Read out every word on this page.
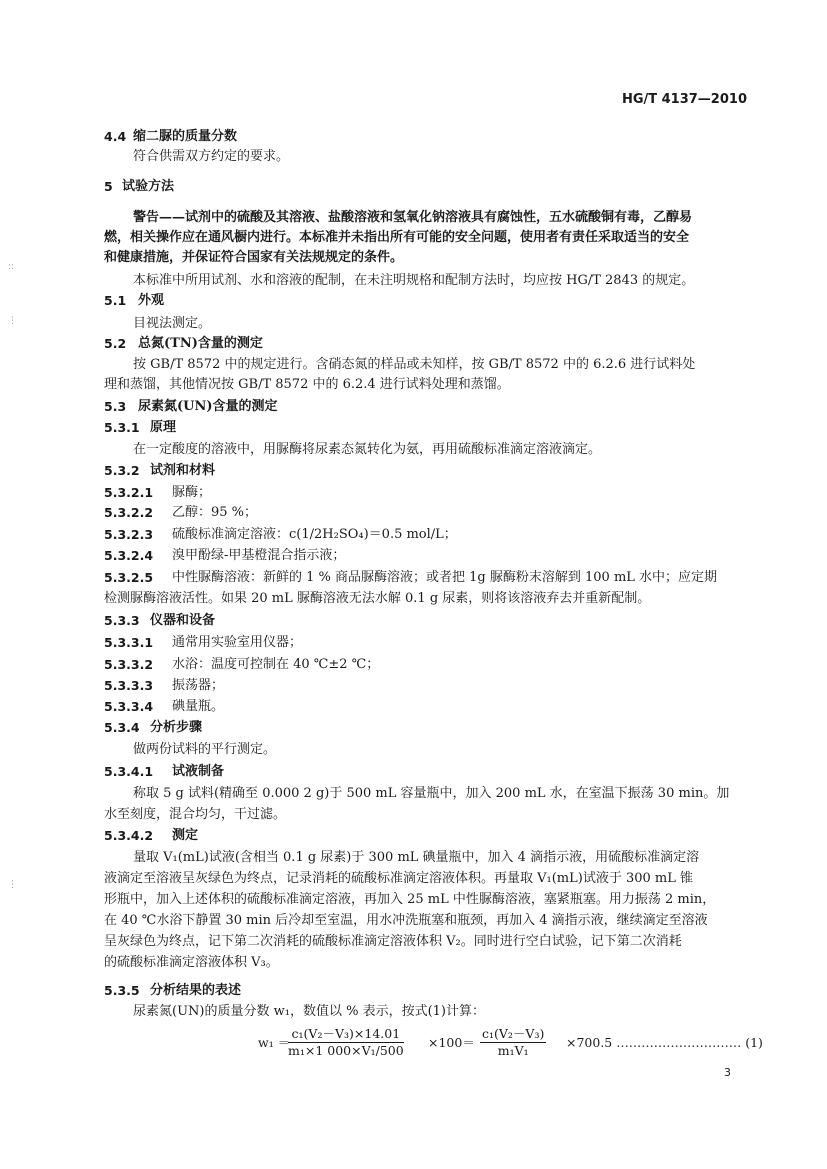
HG/T 4137—2010
4.4 缩二脲的质量分数
符合供需双方约定的要求。
5 试验方法
警告——试剂中的硫酸及其溶液、盐酸溶液和氢氧化钠溶液具有腐蚀性，五水硫酸铜有毒，乙醇易
燃，相关操作应在通风橱内进行。本标准并未指出所有可能的安全问题，使用者有责任采取适当的安全
和健康措施，并保证符合国家有关法规规定的条件。
本标准中所用试剂、水和溶液的配制，在未注明规格和配制方法时，均应按 HG/T 2843 的规定。
5.1 外观
目视法测定。
5.2 总氮(TN)含量的测定
按 GB/T 8572 中的规定进行。含硝态氮的样品或未知样，按 GB/T 8572 中的 6.2.6 进行试料处
理和蒸馏，其他情况按 GB/T 8572 中的 6.2.4 进行试料处理和蒸馏。
5.3 尿素氮(UN)含量的测定
5.3.1 原理
在一定酸度的溶液中，用脲酶将尿素态氮转化为氨，再用硫酸标准滴定溶液滴定。
5.3.2 试剂和材料
5.3.2.1 脲酶；
5.3.2.2 乙醇：95 %；
5.3.2.3 硫酸标准滴定溶液：c(1/2H₂SO₄)＝0.5 mol/L；
5.3.2.4 溴甲酚绿-甲基橙混合指示液；
5.3.2.5 中性脲酶溶液：新鲜的 1 % 商品脲酶溶液；或者把 1g 脲酶粉末溶解到 100 mL 水中；应定期
检测脲酶溶液活性。如果 20 mL 脲酶溶液无法水解 0.1 g 尿素，则将该溶液弃去并重新配制。
5.3.3 仪器和设备
5.3.3.1 通常用实验室用仪器；
5.3.3.2 水浴：温度可控制在 40 ℃±2 ℃；
5.3.3.3 振荡器；
5.3.3.4 碘量瓶。
5.3.4 分析步骤
做两份试料的平行测定。
5.3.4.1 试液制备
称取 5 g 试料(精确至 0.000 2 g)于 500 mL 容量瓶中，加入 200 mL 水，在室温下振荡 30 min。加
水至刻度，混合均匀，干过滤。
5.3.4.2 测定
量取 V₁(mL)试液(含相当 0.1 g 尿素)于 300 mL 碘量瓶中，加入 4 滴指示液，用硫酸标准滴定溶
液滴定至溶液呈灰绿色为终点，记录消耗的硫酸标准滴定溶液体积。再量取 V₁(mL)试液于 300 mL 锥
形瓶中，加入上述体积的硫酸标准滴定溶液，再加入 25 mL 中性脲酶溶液，塞紧瓶塞。用力振荡 2 min，
在 40 ℃水浴下静置 30 min 后冷却至室温，用水冲洗瓶塞和瓶颈，再加入 4 滴指示液，继续滴定至溶液
呈灰绿色为终点，记下第二次消耗的硫酸标准滴定溶液体积 V₂。同时进行空白试验，记下第二次消耗
的硫酸标准滴定溶液体积 V₃。
5.3.5 分析结果的表述
尿素氮(UN)的质量分数 w₁，数值以 % 表示，按式(1)计算：
w₁ ＝
$\frac{\text{c₁(V₂－V₃)×14.01}}{\text{m₁×1 000×V₁/500}} \times 100= \frac{\text{c₁(V₂－V₃)}}{\text{m₁V₁}} \times 700.5$ ………………………… (1)
3
::
⋮
⋮
